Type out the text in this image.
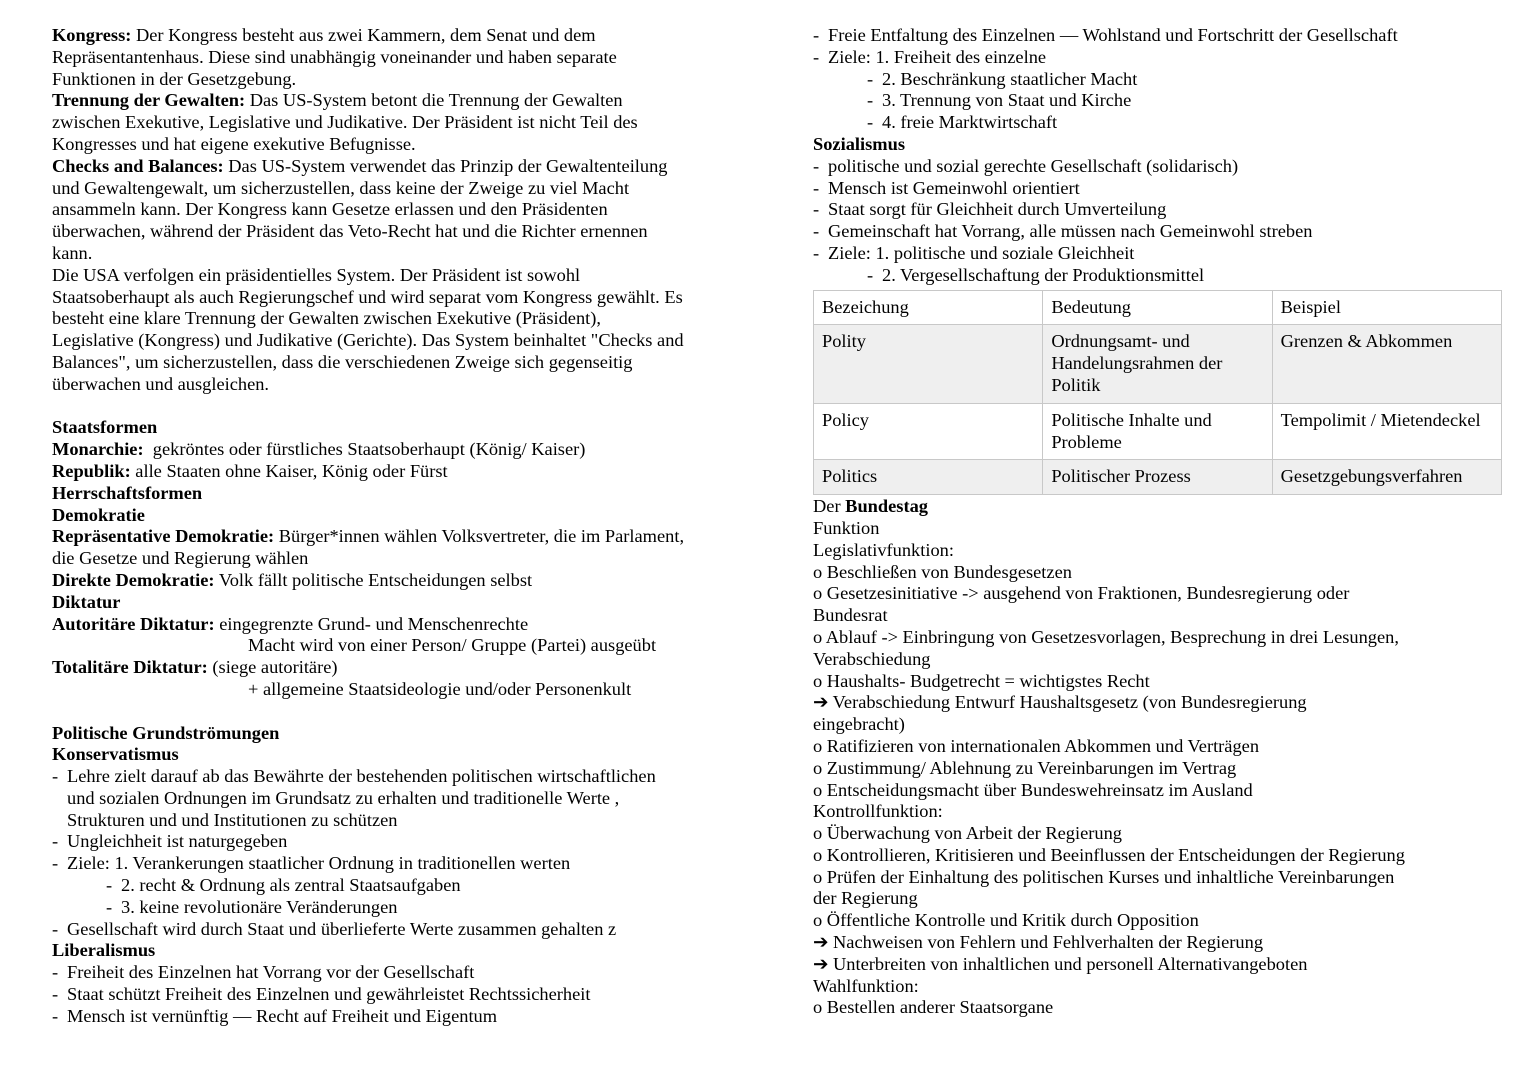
Kongress: Der Kongress besteht aus zwei Kammern, dem Senat und dem
Repräsentantenhaus. Diese sind unabhängig voneinander und haben separate
Funktionen in der Gesetzgebung.
Trennung der Gewalten: Das US-System betont die Trennung der Gewalten
zwischen Exekutive, Legislative und Judikative. Der Präsident ist nicht Teil des
Kongresses und hat eigene exekutive Befugnisse.
Checks and Balances: Das US-System verwendet das Prinzip der Gewaltenteilung
und Gewaltengewalt, um sicherzustellen, dass keine der Zweige zu viel Macht
ansammeln kann. Der Kongress kann Gesetze erlassen und den Präsidenten
überwachen, während der Präsident das Veto-Recht hat und die Richter ernennen
kann.
Die USA verfolgen ein präsidentielles System. Der Präsident ist sowohl
Staatsoberhaupt als auch Regierungschef und wird separat vom Kongress gewählt. Es
besteht eine klare Trennung der Gewalten zwischen Exekutive (Präsident),
Legislative (Kongress) und Judikative (Gerichte). Das System beinhaltet "Checks and
Balances", um sicherzustellen, dass die verschiedenen Zweige sich gegenseitig
überwachen und ausgleichen.
Staatsformen
Monarchie:  gekröntes oder fürstliches Staatsoberhaupt (König/ Kaiser)
Republik: alle Staaten ohne Kaiser, König oder Fürst
Herrschaftsformen
Demokratie
Repräsentative Demokratie: Bürger*innen wählen Volksvertreter, die im Parlament,
die Gesetze und Regierung wählen
Direkte Demokratie: Volk fällt politische Entscheidungen selbst
Diktatur
Autoritäre Diktatur: eingegrenzte Grund- und Menschenrechte
Macht wird von einer Person/ Gruppe (Partei) ausgeübt
Totalitäre Diktatur: (siege autoritäre)
+ allgemeine Staatsideologie und/oder Personenkult
Politische Grundströmungen
Konservatismus
- Lehre zielt darauf ab das Bewährte der bestehenden politischen wirtschaftlichen
und sozialen Ordnungen im Grundsatz zu erhalten und traditionelle Werte ,
Strukturen und und Institutionen zu schützen
- Ungleichheit ist naturgegeben
- Ziele: 1. Verankerungen staatlicher Ordnung in traditionellen werten
- 2. recht & Ordnung als zentral Staatsaufgaben
- 3. keine revolutionäre Veränderungen
- Gesellschaft wird durch Staat und überlieferte Werte zusammen gehalten z
Liberalismus
- Freiheit des Einzelnen hat Vorrang vor der Gesellschaft
- Staat schützt Freiheit des Einzelnen und gewährleistet Rechtssicherheit
- Mensch ist vernünftig — Recht auf Freiheit und Eigentum
- Freie Entfaltung des Einzelnen — Wohlstand und Fortschritt der Gesellschaft
- Ziele: 1. Freiheit des einzelne
- 2. Beschränkung staatlicher Macht
- 3. Trennung von Staat und Kirche
- 4. freie Marktwirtschaft
Sozialismus
- politische und sozial gerechte Gesellschaft (solidarisch)
- Mensch ist Gemeinwohl orientiert
- Staat sorgt für Gleichheit durch Umverteilung
- Gemeinschaft hat Vorrang, alle müssen nach Gemeinwohl streben
- Ziele: 1. politische und soziale Gleichheit
- 2. Vergesellschaftung der Produktionsmittel
Bezeichung	Bedeutung	Beispiel
Polity	Ordnungsamt- und Handelungsrahmen der Politik	Grenzen & Abkommen
Policy	Politische Inhalte und Probleme	Tempolimit / Mietendeckel
Politics	Politischer Prozess	Gesetzgebungsverfahren
Der Bundestag
Funktion
Legislativfunktion:
o Beschließen von Bundesgesetzen
o Gesetzesinitiative -> ausgehend von Fraktionen, Bundesregierung oder
Bundesrat
o Ablauf -> Einbringung von Gesetzesvorlagen, Besprechung in drei Lesungen,
Verabschiedung
o Haushalts- Budgetrecht = wichtigstes Recht
➔ Verabschiedung Entwurf Haushaltsgesetz (von Bundesregierung
eingebracht)
o Ratifizieren von internationalen Abkommen und Verträgen
o Zustimmung/ Ablehnung zu Vereinbarungen im Vertrag
o Entscheidungsmacht über Bundeswehreinsatz im Ausland
Kontrollfunktion:
o Überwachung von Arbeit der Regierung
o Kontrollieren, Kritisieren und Beeinflussen der Entscheidungen der Regierung
o Prüfen der Einhaltung des politischen Kurses und inhaltliche Vereinbarungen
der Regierung
o Öffentliche Kontrolle und Kritik durch Opposition
➔ Nachweisen von Fehlern und Fehlverhalten der Regierung
➔ Unterbreiten von inhaltlichen und personell Alternativangeboten
Wahlfunktion:
o Bestellen anderer Staatsorgane
